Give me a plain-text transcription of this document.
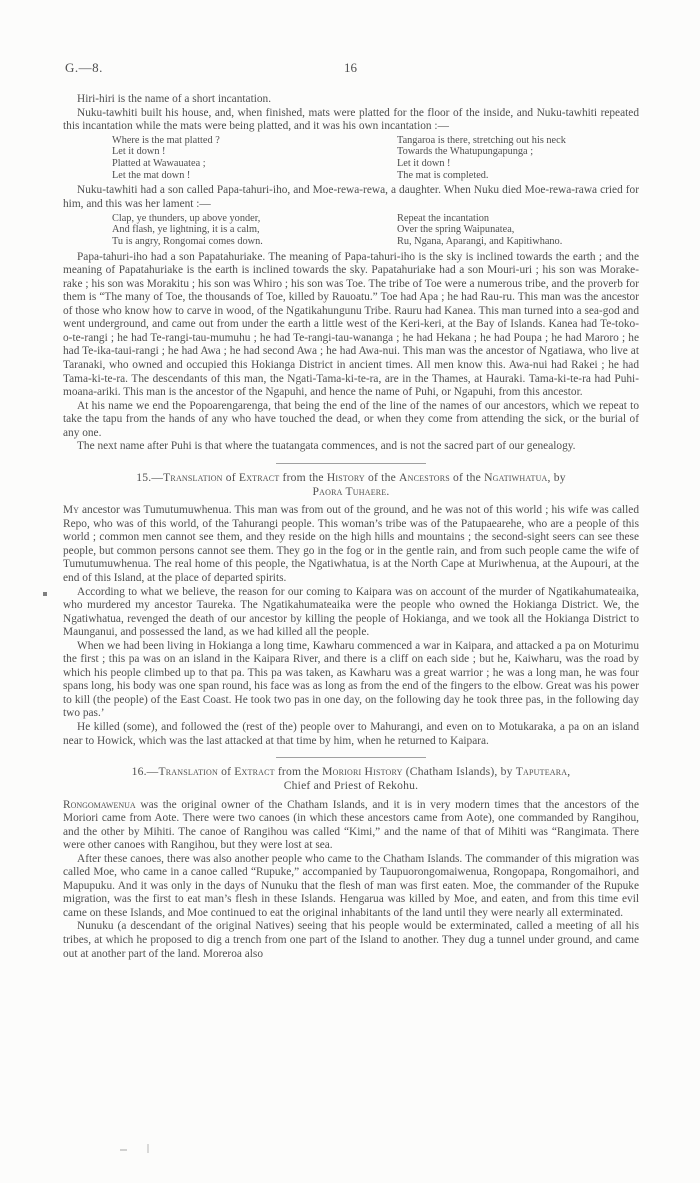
G.—8.	16

Hiri-hiri is the name of a short incantation.

Nuku-tawhiti built his house, and, when finished, mats were platted for the floor of the inside, and Nuku-tawhiti repeated this incantation while the mats were being platted, and it was his own incantation :—

Where is the mat platted ?
Let it down !
Platted at Wawauatea ;
Let the mat down !
Tangaroa is there, stretching out his neck
Towards the Whatupungapunga ;
Let it down !
The mat is completed.

Nuku-tawhiti had a son called Papa-tahuri-iho, and Moe-rewa-rewa, a daughter. When Nuku died Moe-rewa-rawa cried for him, and this was her lament :—

Clap, ye thunders, up above yonder,
And flash, ye lightning, it is a calm,
Tu is angry, Rongomai comes down.
Repeat the incantation
Over the spring Waipunatea,
Ru, Ngana, Aparangi, and Kapitiwhano.

Papa-tahuri-iho had a son Papatahuriake. The meaning of Papa-tahuri-iho is the sky is inclined towards the earth ; and the meaning of Papatahuriake is the earth is inclined towards the sky. Papatahuriake had a son Mouri-uri ; his son was Morake-rake ; his son was Morakitu ; his son was Whiro ; his son was Toe. The tribe of Toe were a numerous tribe, and the proverb for them is “The many of Toe, the thousands of Toe, killed by Rauoatu.” Toe had Apa ; he had Rau-ru. This man was the ancestor of those who know how to carve in wood, of the Ngatikahungunu Tribe. Rauru had Kanea. This man turned into a sea-god and went underground, and came out from under the earth a little west of the Keri-keri, at the Bay of Islands. Kanea had Te-toko-o-te-rangi ; he had Te-rangi-tau-mumuhu ; he had Te-rangi-tau-wananga ; he had Hekana ; he had Poupa ; he had Maroro ; he had Te-ika-taui-rangi ; he had Awa ; he had second Awa ; he had Awa-nui. This man was the ancestor of Ngatiawa, who live at Taranaki, who owned and occupied this Hokianga District in ancient times. All men know this. Awa-nui had Rakei ; he had Tama-ki-te-ra. The descendants of this man, the Ngati-Tama-ki-te-ra, are in the Thames, at Hauraki. Tama-ki-te-ra had Puhi-moana-ariki. This man is the ancestor of the Ngapuhi, and hence the name of Puhi, or Ngapuhi, from this ancestor.

At his name we end the Popoarengarenga, that being the end of the line of the names of our ancestors, which we repeat to take the tapu from the hands of any who have touched the dead, or when they come from attending the sick, or the burial of any one.

The next name after Puhi is that where the tuatangata commences, and is not the sacred part of our genealogy.

15.—Translation of Extract from the History of the Ancestors of the Ngatiwhatua, by
Paora Tuhaere.

My ancestor was Tumutumuwhenua. This man was from out of the ground, and he was not of this world ; his wife was called Repo, who was of this world, of the Tahurangi people. This woman’s tribe was of the Patupaearehe, who are a people of this world ; common men cannot see them, and they reside on the high hills and mountains ; the second-sight seers can see these people, but common persons cannot see them. They go in the fog or in the gentle rain, and from such people came the wife of Tumutumuwhenua. The real home of this people, the Ngatiwhatua, is at the North Cape at Muriwhenua, at the Aupouri, at the end of this Island, at the place of departed spirits.

According to what we believe, the reason for our coming to Kaipara was on account of the murder of Ngatikahumateaika, who murdered my ancestor Taureka. The Ngatikahumateaika were the people who owned the Hokianga District. We, the Ngatiwhatua, revenged the death of our ancestor by killing the people of Hokianga, and we took all the Hokianga District to Maunganui, and possessed the land, as we had killed all the people.

When we had been living in Hokianga a long time, Kawharu commenced a war in Kaipara, and attacked a pa on Moturimu the first ; this pa was on an island in the Kaipara River, and there is a cliff on each side ; but he, Kaiwharu, was the road by which his people climbed up to that pa. This pa was taken, as Kawharu was a great warrior ; he was a long man, he was four spans long, his body was one span round, his face was as long as from the end of the fingers to the elbow. Great was his power to kill (the people) of the East Coast. He took two pas in one day, on the following day he took three pas, in the following day two pas.’

He killed (some), and followed the (rest of the) people over to Mahurangi, and even on to Motukaraka, a pa on an island near to Howick, which was the last attacked at that time by him, when he returned to Kaipara.

16.—Translation of Extract from the Moriori History (Chatham Islands), by Taputeara,
Chief and Priest of Rekohu.

Rongomawenua was the original owner of the Chatham Islands, and it is in very modern times that the ancestors of the Moriori came from Aote. There were two canoes (in which these ancestors came from Aote), one commanded by Rangihou, and the other by Mihiti. The canoe of Rangihou was called “Kimi,” and the name of that of Mihiti was “Rangimata. There were other canoes with Rangihou, but they were lost at sea.

After these canoes, there was also another people who came to the Chatham Islands. The commander of this migration was called Moe, who came in a canoe called “Rupuke,” accompanied by Taupuorongomaiwenua, Rongopapa, Rongomaihori, and Mapupuku. And it was only in the days of Nunuku that the flesh of man was first eaten. Moe, the commander of the Rupuke migration, was the first to eat man’s flesh in these Islands. Hengarua was killed by Moe, and eaten, and from this time evil came on these Islands, and Moe continued to eat the original inhabitants of the land until they were nearly all exterminated.

Nunuku (a descendant of the original Natives) seeing that his people would be exterminated, called a meeting of all his tribes, at which he proposed to dig a trench from one part of the Island to another. They dug a tunnel under ground, and came out at another part of the land. Moreroa also
